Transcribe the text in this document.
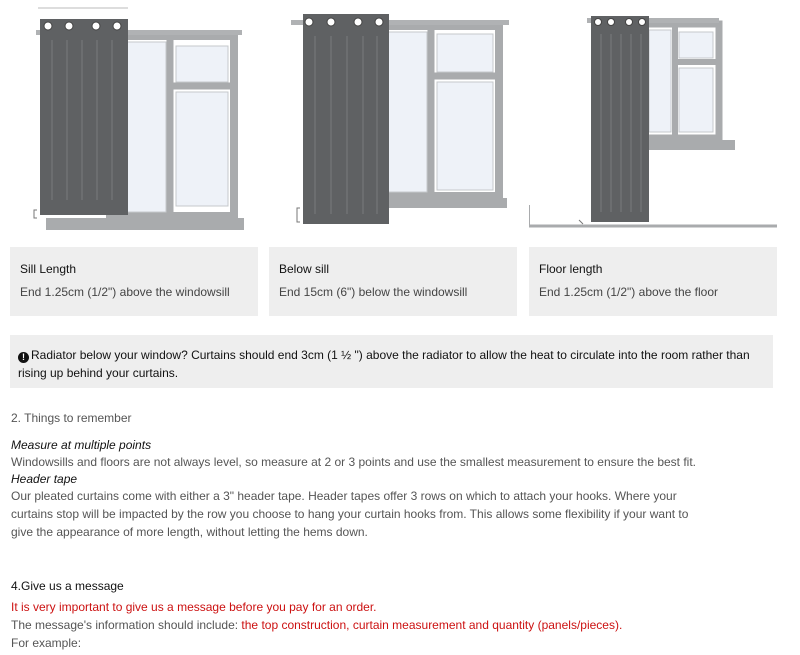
Sill Length
End 1.25cm (1/2") above the windowsill
Below sill
End 15cm (6") below the windowsill
Floor length
End 1.25cm (1/2") above the floor
! Radiator below your window? Curtains should end 3cm (1 ½ ") above the radiator to allow the heat to circulate into the room rather than rising up behind your curtains.
2. Things to remember
Measure at multiple points
Windowsills and floors are not always level, so measure at 2 or 3 points and use the smallest measurement to ensure the best fit.
Header tape
Our pleated curtains come with either a 3" header tape. Header tapes offer 3 rows on which to attach your hooks. Where your
curtains stop will be impacted by the row you choose to hang your curtain hooks from. This allows some flexibility if your want to
give the appearance of more length, without letting the hems down.
4.Give us a message
It is very important to give us a message before you pay for an order.
The message's information should include: the top construction, curtain measurement and quantity (panels/pieces).
For example:
